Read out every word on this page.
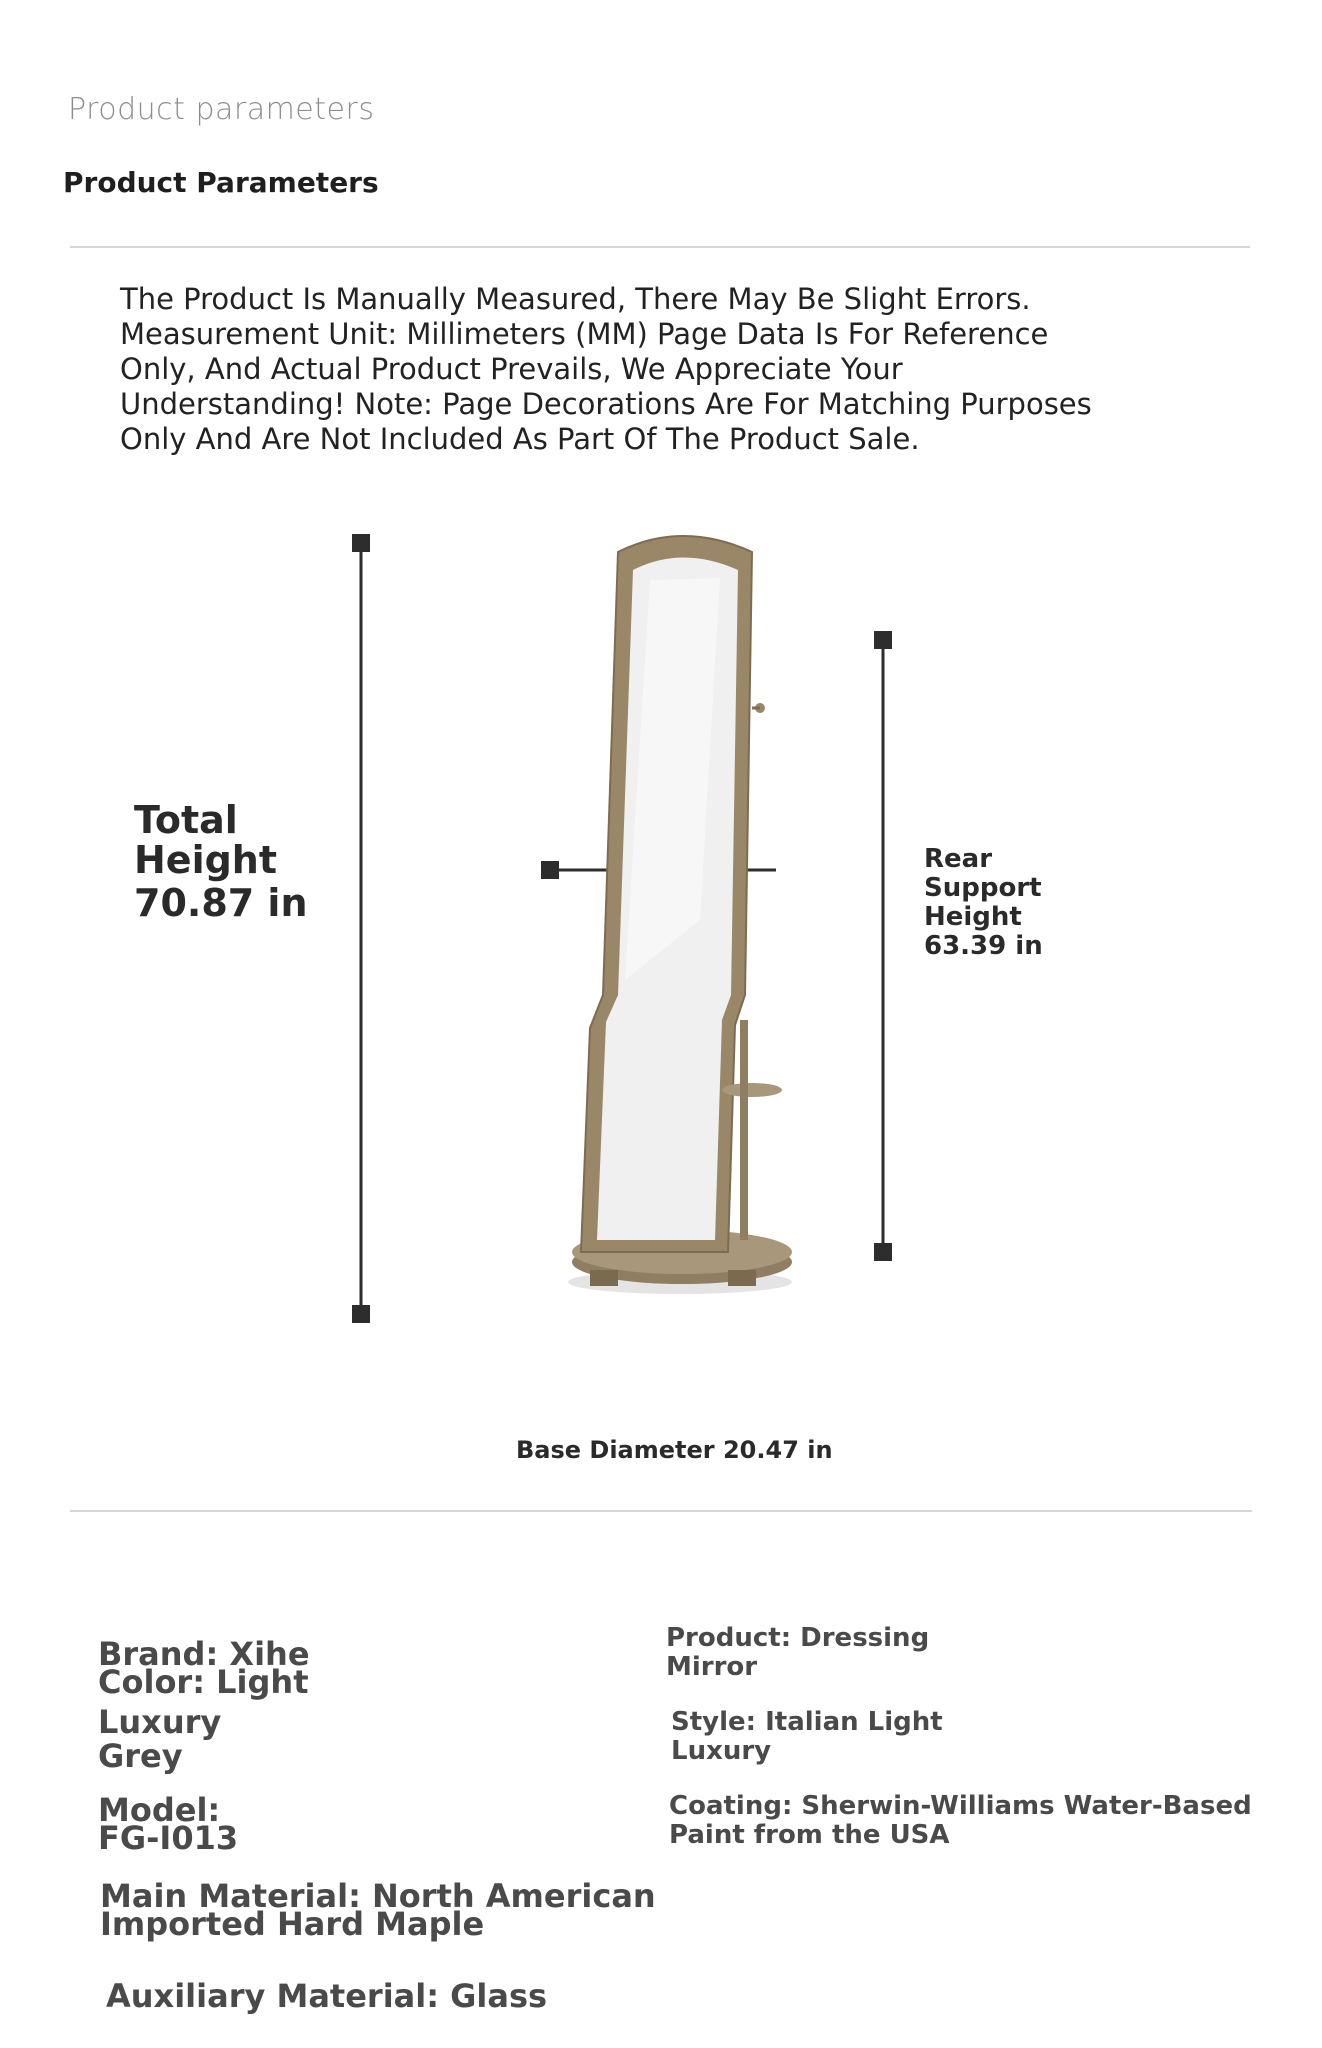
Product parameters
Product Parameters

The Product Is Manually Measured, There May Be Slight Errors.
Measurement Unit: Millimeters (MM) Page Data Is For Reference
Only, And Actual Product Prevails, We Appreciate Your
Understanding! Note: Page Decorations Are For Matching Purposes
Only And Are Not Included As Part Of The Product Sale.

Total
Height
70.87 in
Rear
Support
Height
63.39 in
Base Diameter 20.47 in
Brand: Xihe
Color: Light
Luxury
Grey
Model:
FG-I013
Main Material: North American
Imported Hard Maple
Auxiliary Material: Glass
Product: Dressing
Mirror
Style: Italian Light
Luxury
Coating: Sherwin-Williams Water-Based
Paint from the USA
